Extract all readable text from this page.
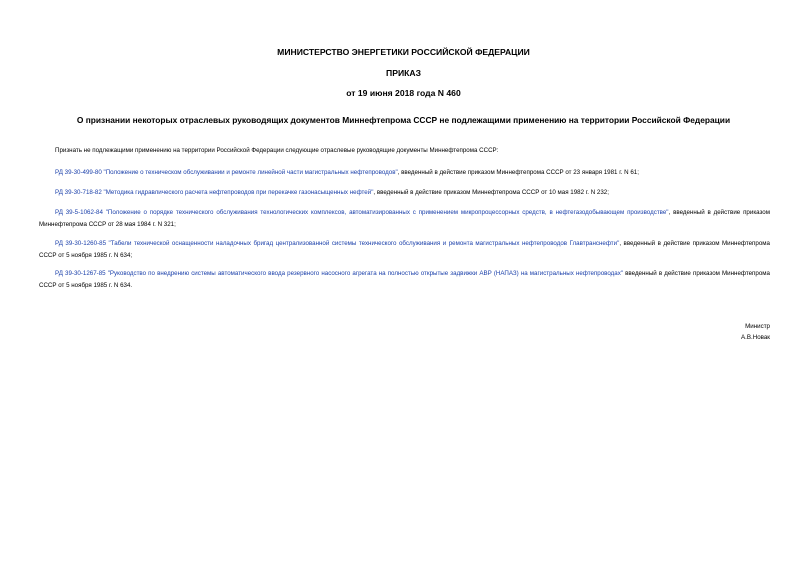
МИНИСТЕРСТВО ЭНЕРГЕТИКИ РОССИЙСКОЙ ФЕДЕРАЦИИ
ПРИКАЗ
от 19 июня 2018 года N 460
О признании некоторых отраслевых руководящих документов Миннефтепрома СССР не подлежащими применению на территории Российской Федерации
Признать не подлежащими применению на территории Российской Федерации следующие отраслевые руководящие документы Миннефтепрома СССР:
РД 39-30-499-80 "Положение о техническом обслуживании и ремонте линейной части магистральных нефтепроводов", введенный в действие приказом Миннефтепрома СССР от 23 января 1981 г. N 61;
РД 39-30-718-82 "Методика гидравлического расчета нефтепроводов при перекачке газонасыщенных нефтей", введенный в действие приказом Миннефтепрома СССР от 10 мая 1982 г. N 232;
РД 39-5-1062-84 "Положение о порядке технического обслуживания технологических комплексов, автоматизированных с применением микропроцессорных средств, в нефтегазодобывающем производстве", введенный в действие приказом Миннефтепрома СССР от 28 мая 1984 г. N 321;
РД 39-30-1260-85 "Табели технической оснащенности наладочных бригад централизованной системы технического обслуживания и ремонта магистральных нефтепроводов Главтранснефти", введенный в действие приказом Миннефтепрома СССР от 5 ноября 1985 г. N 634;
РД 39-30-1267-85 "Руководство по внедрению системы автоматического ввода резервного насосного агрегата на полностью открытые задвижки АВР (НАПАЗ) на магистральных нефтепроводах" введенный в действие приказом Миннефтепрома СССР от 5 ноября 1985 г. N 634.
Министр
А.В.Новак
